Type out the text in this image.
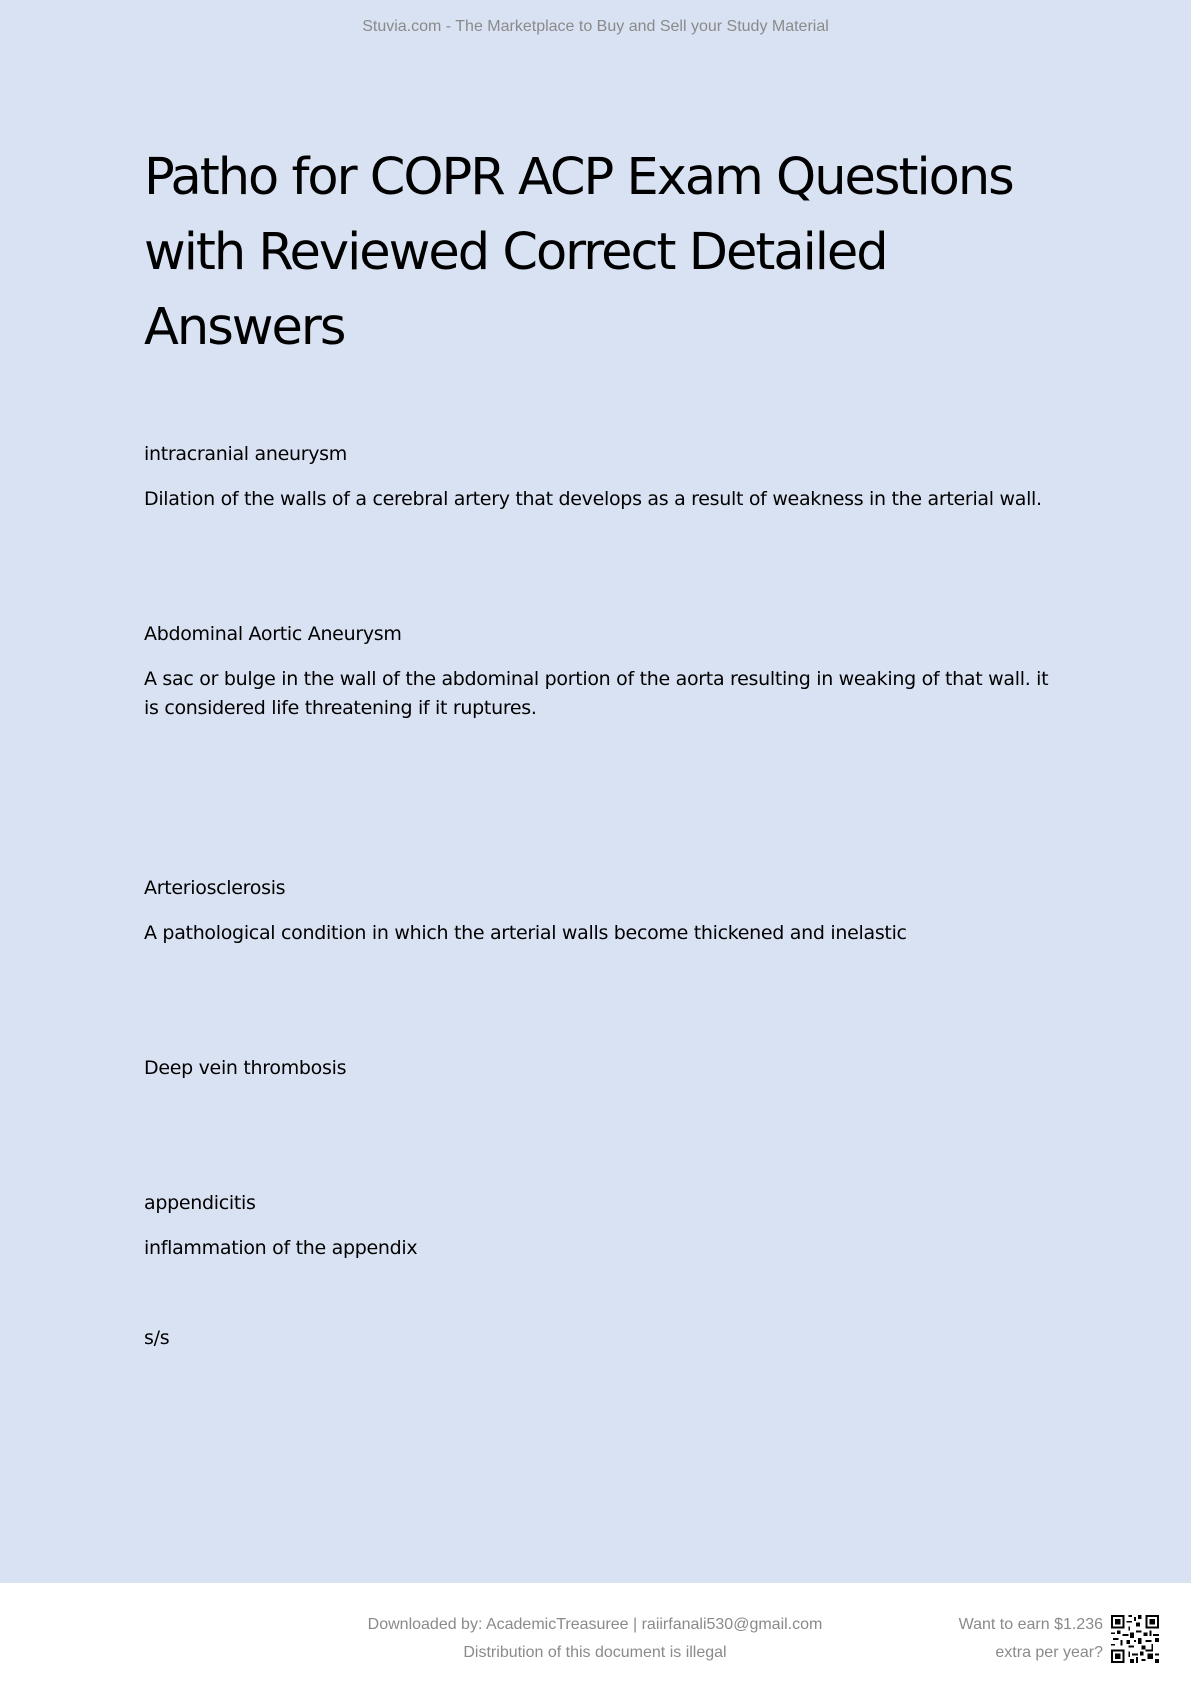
Stuvia.com - The Marketplace to Buy and Sell your Study Material

Patho for COPR ACP Exam Questions with Reviewed Correct Detailed Answers

intracranial aneurysm

Dilation of the walls of a cerebral artery that develops as a result of weakness in the arterial wall.

Abdominal Aortic Aneurysm

A sac or bulge in the wall of the abdominal portion of the aorta resulting in weaking of that wall. it is considered life threatening if it ruptures.

Arteriosclerosis

A pathological condition in which the arterial walls become thickened and inelastic

Deep vein thrombosis

appendicitis

inflammation of the appendix

s/s

Downloaded by: AcademicTreasuree | raiirfanali530@gmail.com

Distribution of this document is illegal

Want to earn $1.236

extra per year?
